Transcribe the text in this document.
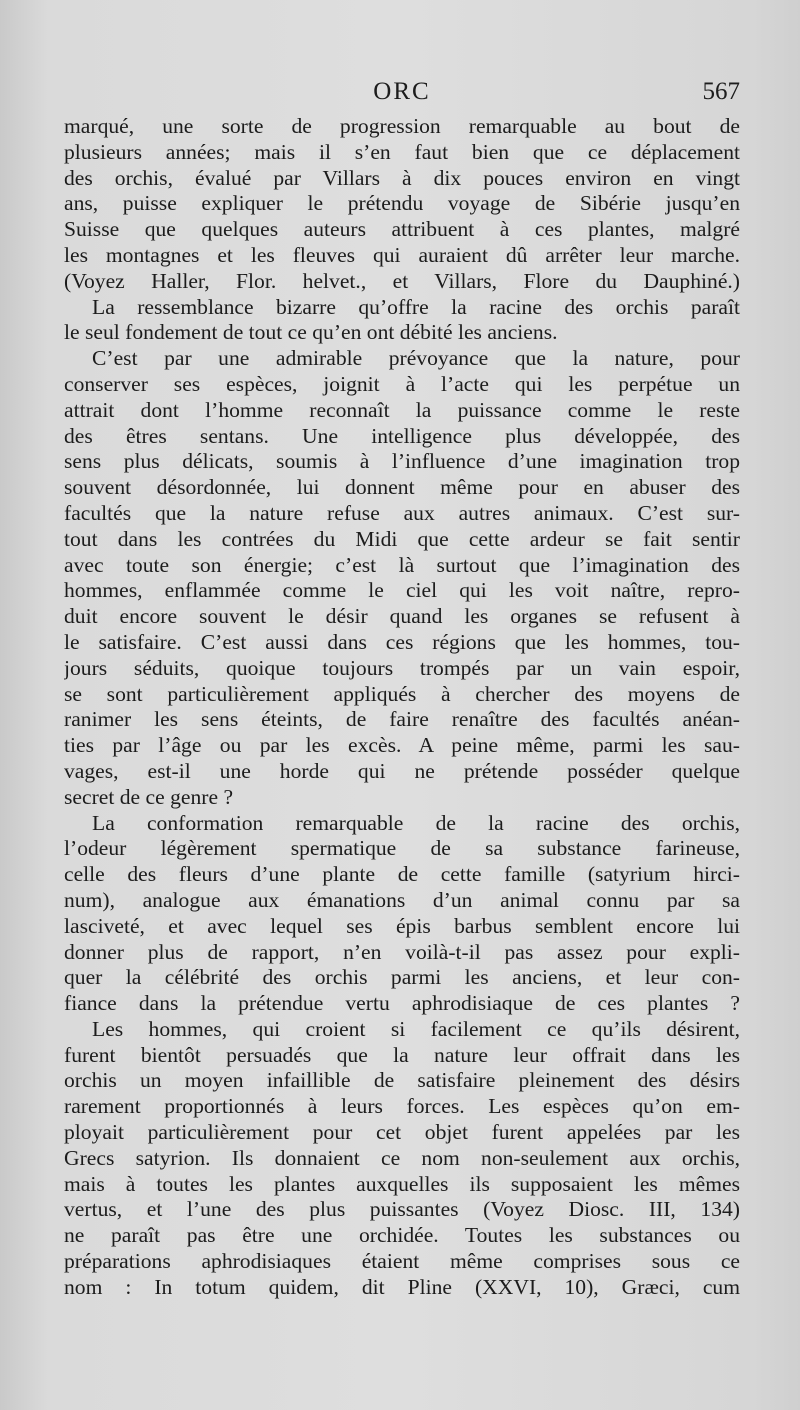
ORC	567
marqué, une sorte de progression remarquable au bout de
plusieurs années; mais il s’en faut bien que ce déplacement
des orchis, évalué par Villars à dix pouces environ en vingt
ans, puisse expliquer le prétendu voyage de Sibérie jusqu’en
Suisse que quelques auteurs attribuent à ces plantes, malgré
les montagnes et les fleuves qui auraient dû arrêter leur marche.
(Voyez Haller, Flor. helvet., et Villars, Flore du Dauphiné.)
La ressemblance bizarre qu’offre la racine des orchis paraît
le seul fondement de tout ce qu’en ont débité les anciens.
C’est par une admirable prévoyance que la nature, pour
conserver ses espèces, joignit à l’acte qui les perpétue un
attrait dont l’homme reconnaît la puissance comme le reste
des êtres sentans. Une intelligence plus développée, des
sens plus délicats, soumis à l’influence d’une imagination trop
souvent désordonnée, lui donnent même pour en abuser des
facultés que la nature refuse aux autres animaux. C’est sur-
tout dans les contrées du Midi que cette ardeur se fait sentir
avec toute son énergie; c’est là surtout que l’imagination des
hommes, enflammée comme le ciel qui les voit naître, repro-
duit encore souvent le désir quand les organes se refusent à
le satisfaire. C’est aussi dans ces régions que les hommes, tou-
jours séduits, quoique toujours trompés par un vain espoir,
se sont particulièrement appliqués à chercher des moyens de
ranimer les sens éteints, de faire renaître des facultés anéan-
ties par l’âge ou par les excès. A peine même, parmi les sau-
vages, est-il une horde qui ne prétende posséder quelque
secret de ce genre ?
La conformation remarquable de la racine des orchis,
l’odeur légèrement spermatique de sa substance farineuse,
celle des fleurs d’une plante de cette famille (satyrium hirci-
num), analogue aux émanations d’un animal connu par sa
lasciveté, et avec lequel ses épis barbus semblent encore lui
donner plus de rapport, n’en voilà-t-il pas assez pour expli-
quer la célébrité des orchis parmi les anciens, et leur con-
fiance dans la prétendue vertu aphrodisiaque de ces plantes ?
Les hommes, qui croient si facilement ce qu’ils désirent,
furent bientôt persuadés que la nature leur offrait dans les
orchis un moyen infaillible de satisfaire pleinement des désirs
rarement proportionnés à leurs forces. Les espèces qu’on em-
ployait particulièrement pour cet objet furent appelées par les
Grecs satyrion. Ils donnaient ce nom non-seulement aux orchis,
mais à toutes les plantes auxquelles ils supposaient les mêmes
vertus, et l’une des plus puissantes (Voyez Diosc. III, 134)
ne paraît pas être une orchidée. Toutes les substances ou
préparations aphrodisiaques étaient même comprises sous ce
nom : In totum quidem, dit Pline (XXVI, 10), Græci, cum
